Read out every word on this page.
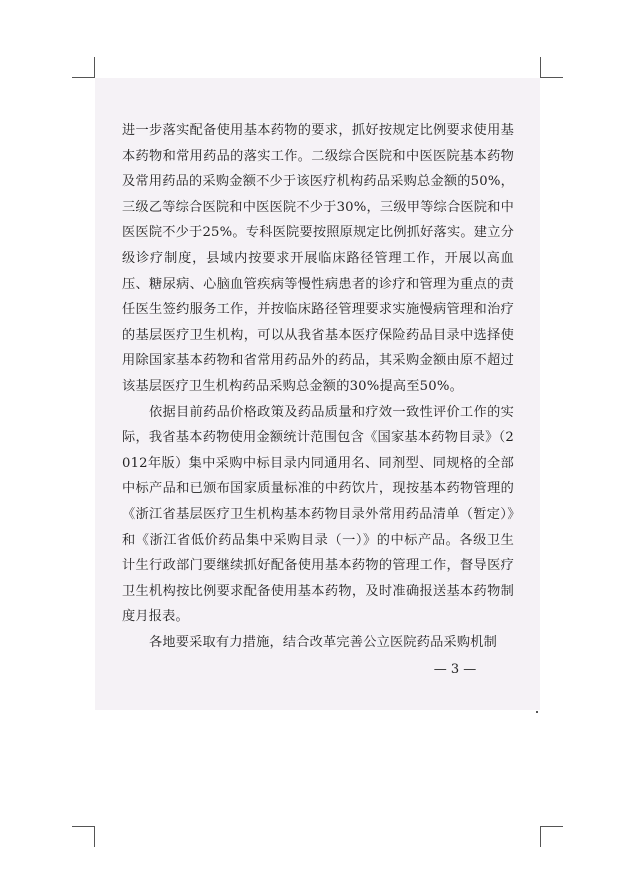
进一步落实配备使用基本药物的要求，抓好按规定比例要求使用基本药物和常用药品的落实工作。二级综合医院和中医医院基本药物及常用药品的采购金额不少于该医疗机构药品采购总金额的50%，三级乙等综合医院和中医医院不少于30%，三级甲等综合医院和中医医院不少于25%。专科医院要按照原规定比例抓好落实。建立分级诊疗制度，县域内按要求开展临床路径管理工作，开展以高血压、糖尿病、心脑血管疾病等慢性病患者的诊疗和管理为重点的责任医生签约服务工作，并按临床路径管理要求实施慢病管理和治疗的基层医疗卫生机构，可以从我省基本医疗保险药品目录中选择使用除国家基本药物和省常用药品外的药品，其采购金额由原不超过该基层医疗卫生机构药品采购总金额的30%提高至50%。

依据目前药品价格政策及药品质量和疗效一致性评价工作的实际，我省基本药物使用金额统计范围包含《国家基本药物目录》（2012年版）集中采购中标目录内同通用名、同剂型、同规格的全部中标产品和已颁布国家质量标准的中药饮片，现按基本药物管理的《浙江省基层医疗卫生机构基本药物目录外常用药品清单（暂定）》和《浙江省低价药品集中采购目录（一）》的中标产品。各级卫生计生行政部门要继续抓好配备使用基本药物的管理工作，督导医疗卫生机构按比例要求配备使用基本药物，及时准确报送基本药物制度月报表。

各地要采取有力措施，结合改革完善公立医院药品采购机制

— 3 —
